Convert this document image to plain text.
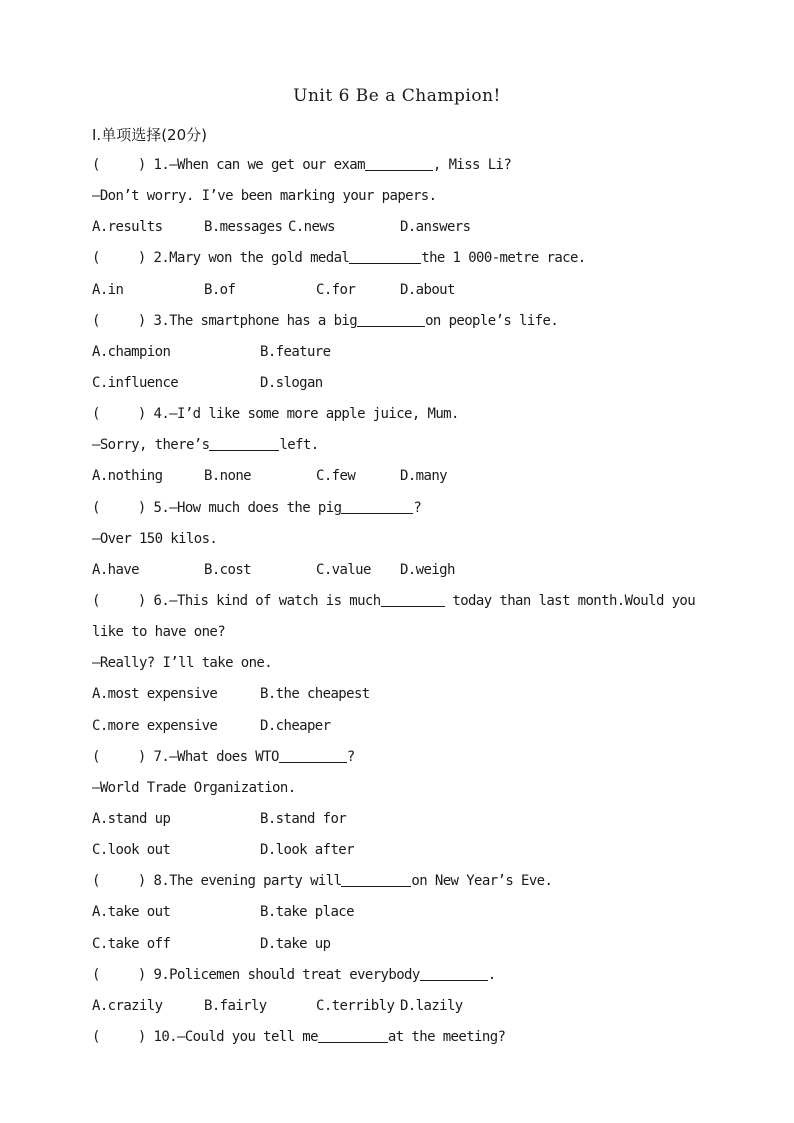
Unit 6 Be a Champion!
Ⅰ.单项选择(20分)
(	) 1.—When can we get our exam	, Miss Li?
—Don’t worry. I’ve been marking your papers.
A.results	B.messages C.news	D.answers
(	) 2.Mary won the gold medal	the 1 000-metre race.
A.in	B.of	C.for	D.about
(	) 3.The smartphone has a big	on people’s life.
A.champion	B.feature
C.influence	D.slogan
(	) 4.—I’d like some more apple juice, Mum.
—Sorry, there’s	left.
A.nothing	B.none	C.few	D.many
(	) 5.—How much does the pig	?
—Over 150 kilos.
A.have	B.cost	C.value D.weigh
(	) 6.—This kind of watch is much	today than last month.Would you
like to have one?
—Really? I’ll take one.
A.most expensive	B.the cheapest
C.more expensive	D.cheaper
(	) 7.—What does WTO	?
—World Trade Organization.
A.stand up	B.stand for
C.look out	D.look after
(	) 8.The evening party will	on New Year’s Eve.
A.take out	B.take place
C.take off	D.take up
(	) 9.Policemen should treat everybody	.
A.crazily	B.fairly	C.terribly D.lazily
(	) 10.—Could you tell me	at the meeting?
